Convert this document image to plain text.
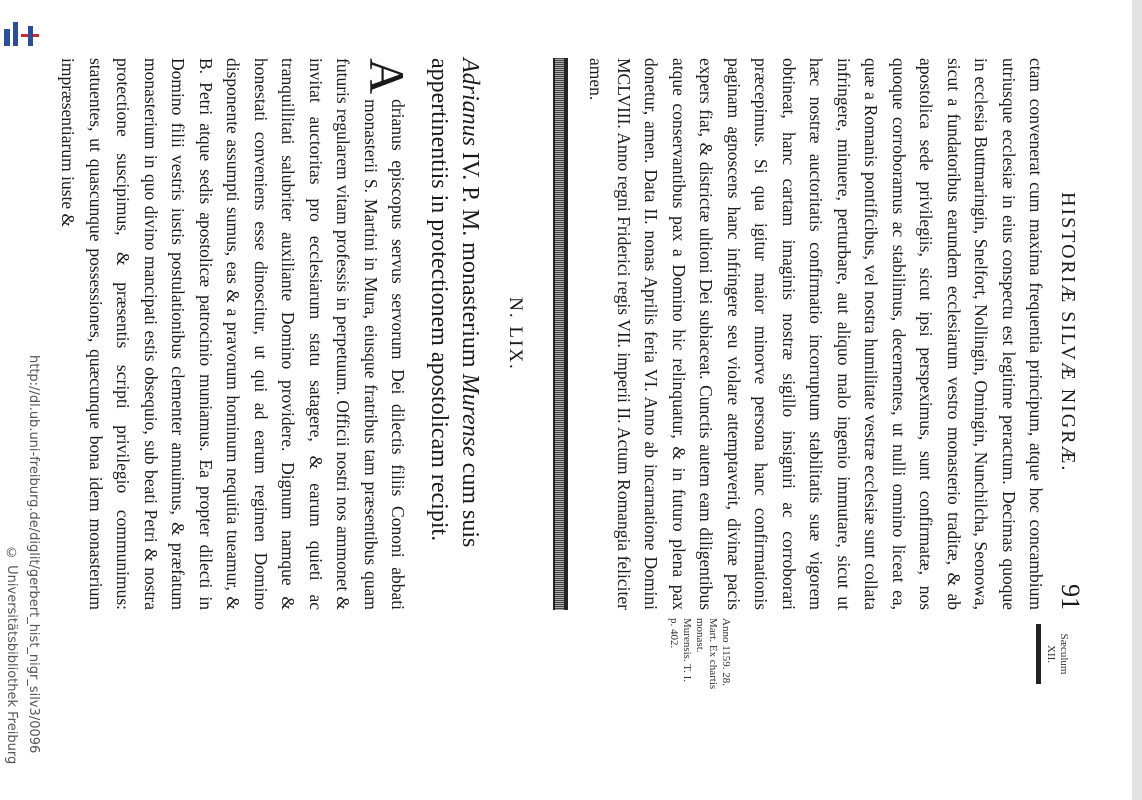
http://dl.ub.uni-freiburg.de/diglit/gerbert_hist_nigr_silv3/0096
© Universitätsbibliothek Freiburg
HISTORIÆ SILVÆ NIGRÆ.
91

ctam convenerat cum maxima frequentia principum, atque hoc concambium utriusque ecclesiæ in eius conspectu est legitime peractum. Decimas quoque in ecclesia Buttmaringin, Snelfort, Nollingin, Omingin, Nunchilcha, Seonowa, sicut a fundatoribus earundem ecclesiarum vestro monasterio traditæ, & ab apostolica sede privilegiis, sicut ipsi perspeximus, sunt confirmatæ, nos quoque corroboramus ac stabilimus, decernentes, ut nulli omnino liceat ea, quæ a Romanis pontificibus, vel nostra humilitate vestræ ecclesiæ sunt collata infringere, minuere, perturbare, aut aliquo malo ingenio immutare, sicut ut hæc nostræ auctoritatis confirmatio incorruptum stabilitatis suæ vigorem obtineat, hanc cartam imaginis nostræ sigillo insigniri ac corroborari præcepimus. Si qua igitur maior minorve persona hanc confirmationis paginam agnoscens hanc infringere seu violare attemptaverit, divinæ pacis expers fiat, & districtæ ultioni Dei subiaceat. Cunctis autem eam diligentibus atque conservantibus pax a Domino hic relinquatur, & in futuro plena pax donetur, amen. Data II. nonas Aprilis feria VI. Anno ab incarnatione Domini MCLVIII. Anno regni Friderici regis VII. imperii II. Actum Romangia feliciter amen.

N. LIX.
Adrianus IV. P. M. monasterium Murense cum suis appertinentiis in protectionem apostolicam recipit.

A
drianus episcopus servus servorum Dei dilectis filiis Cononi abbati monasterii S. Martini in Mura, eiusque fratribus tam præsentibus quam futuris regularem vitam professis in perpetuum. Officii nostri nos ammonet & invitat auctoritas pro ecclesiarum statu satagere, & earum quieti ac tranquillitati salubriter auxiliante Domino providere. Dignum namque & honestati conveniens esse dinoscitur, ut qui ad earum regimen Domino disponente assumpti sumus, eas & a pravorum hominum nequitia tueamur, & B. Petri atque sedis apostolicæ patrocinio muniamus. Ea propter dilecti in Domino filii vestris iustis postulationibus clementer annuimus, & præfatum monasterium in quo divino mancipati estis obsequio, sub beati Petri & nostra protectione suscipimus, & præsentis scripti privilegio communimus: statuentes, ut quascunque possessiones, quæcunque bona idem monasterium impræsentiarum iuste &

Sæculum
XII.
Anno 1159. 28. Mart. Ex chartis monast. Murensis. T. I. p. 402.
